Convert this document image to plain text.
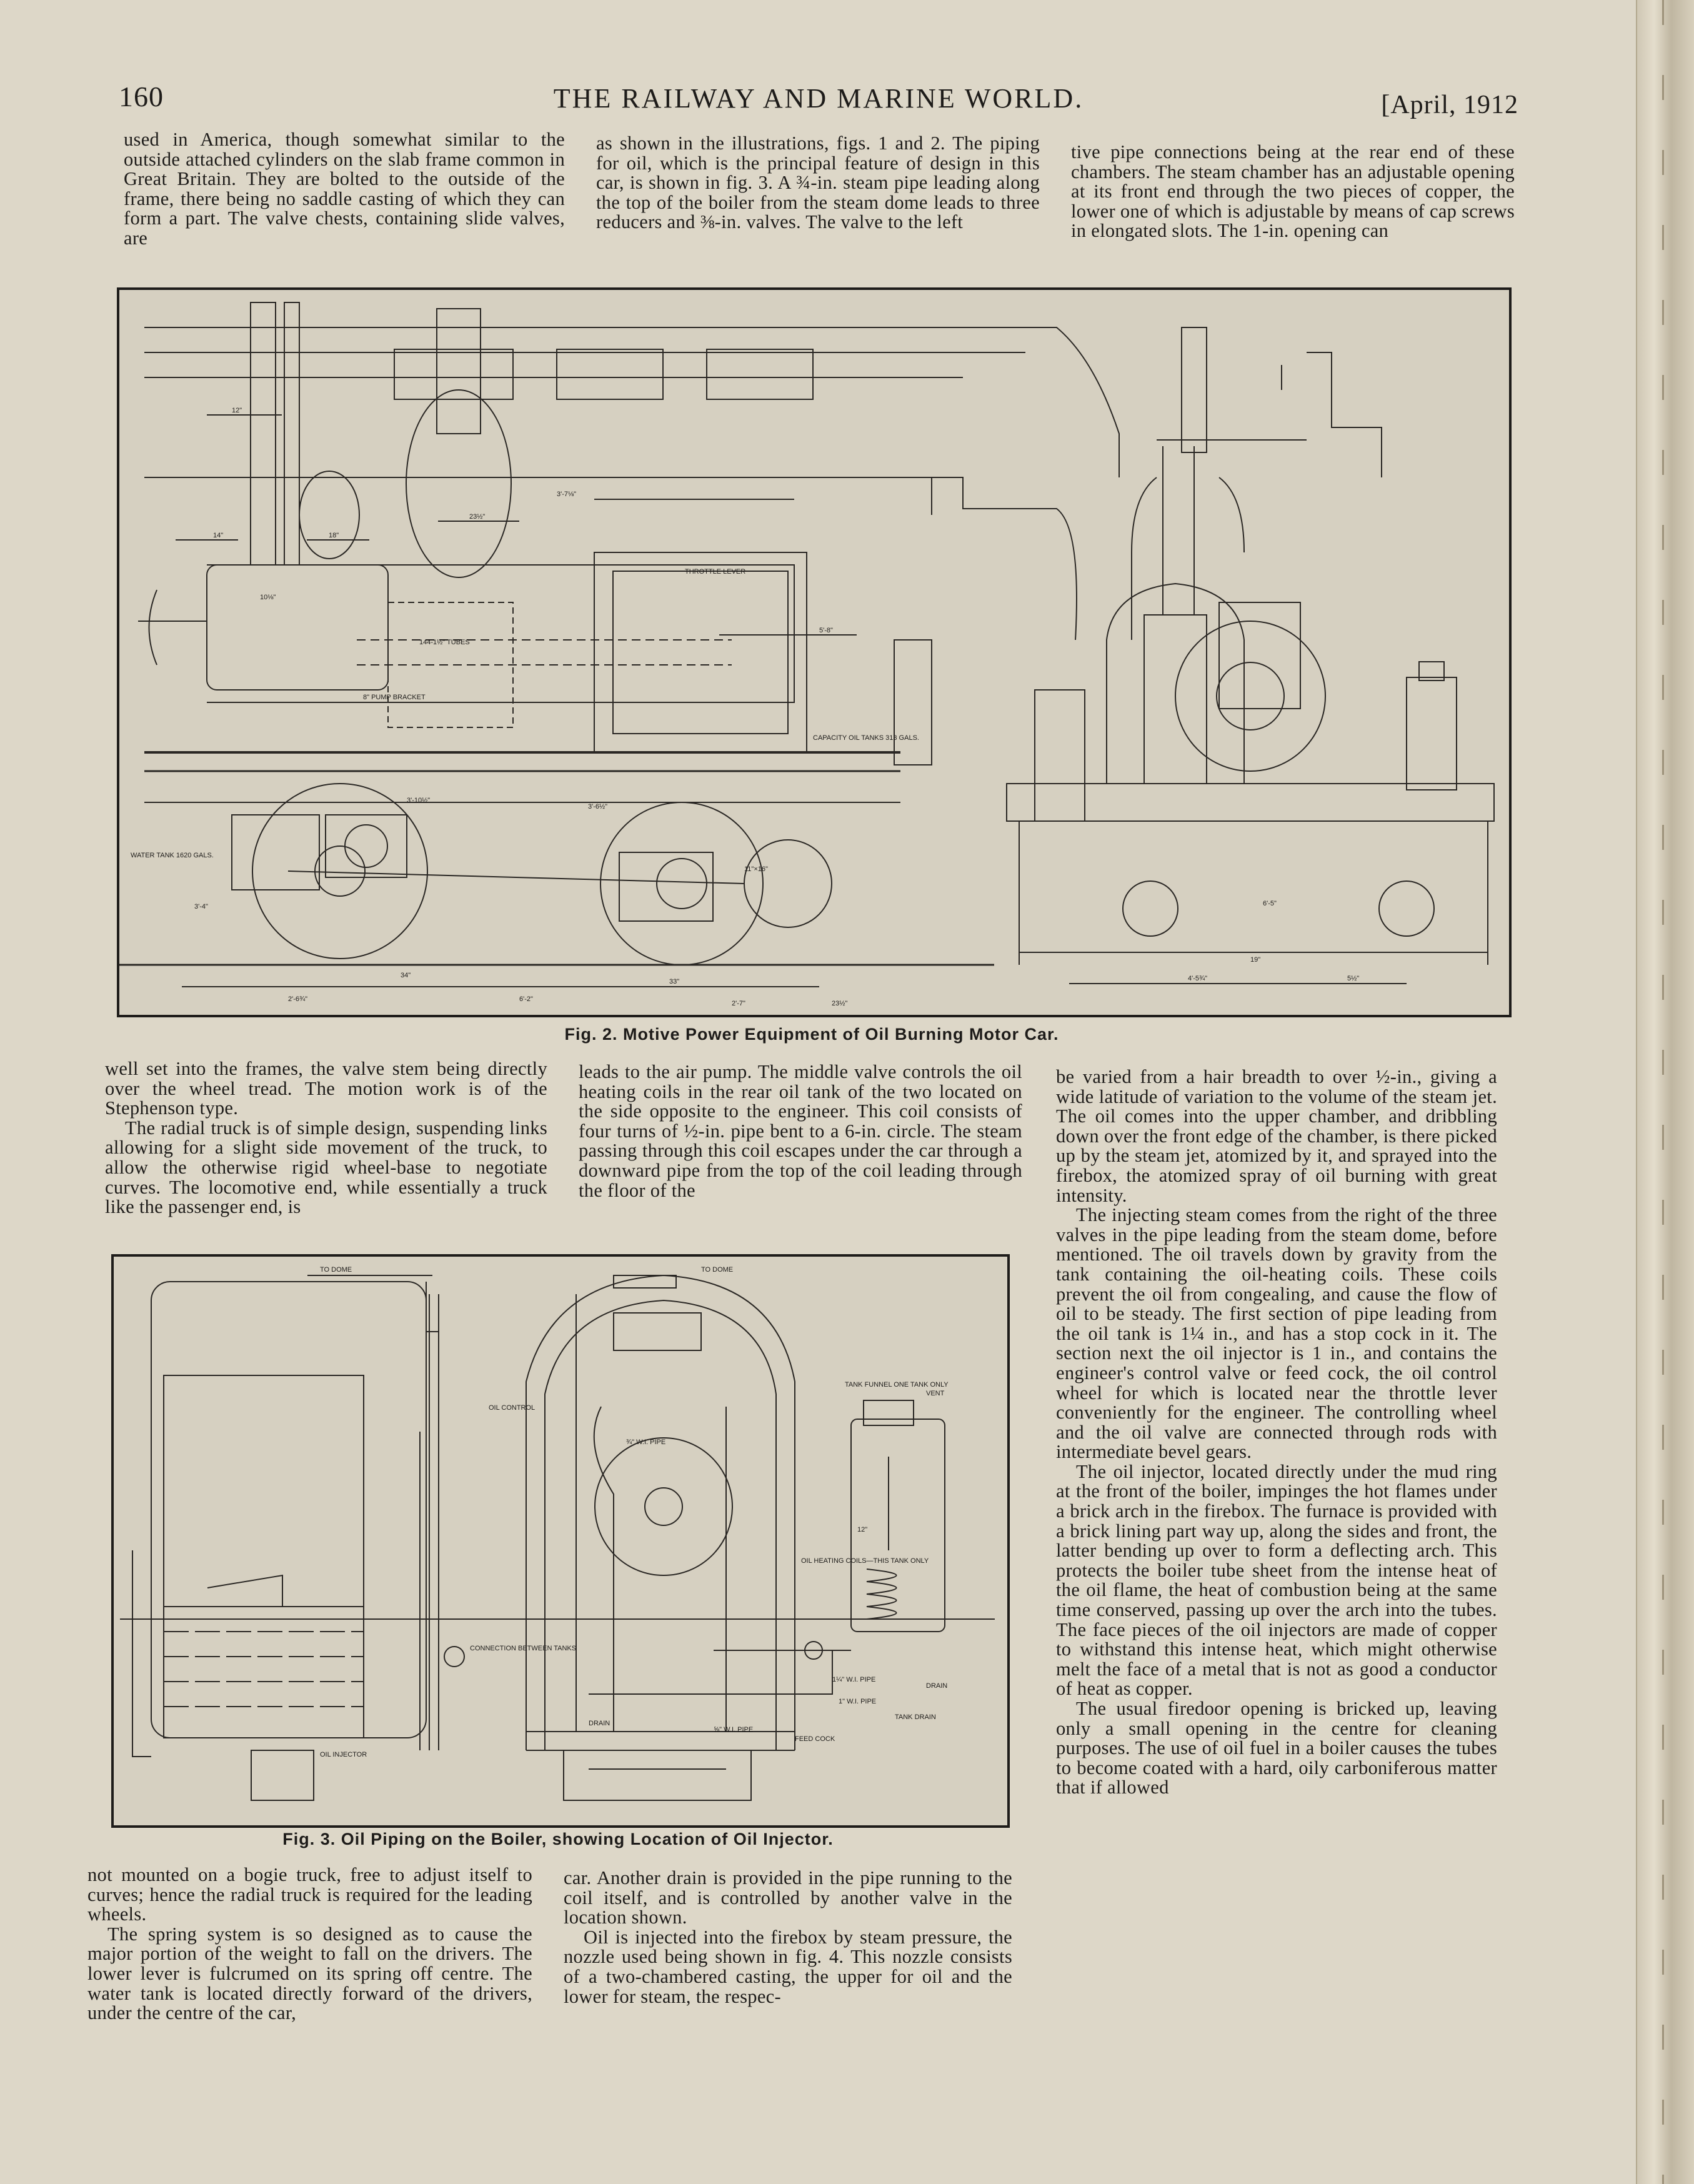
160	THE RAILWAY AND MARINE WORLD.	[April, 1912

used in America, though somewhat similar to the outside attached cylinders on the slab frame common in Great Britain. They are bolted to the outside of the frame, there being no saddle casting of which they can form a part. The valve chests, containing slide valves, are

as shown in the illustrations, figs. 1 and 2. The piping for oil, which is the principal feature of design in this car, is shown in fig. 3. A ¾-in. steam pipe leading along the top of the boiler from the steam dome leads to three reducers and ⅜-in. valves. The valve to the left

tive pipe connections being at the rear end of these chambers. The steam chamber has an adjustable opening at its front end through the two pieces of copper, the lower one of which is adjustable by means of cap screws in elongated slots. The 1-in. opening can

THROTTLE LEVER
144-1½" TUBES
8" PUMP BRACKET
CAPACITY OIL TANKS 313 GALS.
WATER TANK 1620 GALS.
12"
14"	18"
23½"
3'-7⅛"
5'-8"
10⅛"
3'-10½"
3'-6½"
11"×16"
3'-4"
34"
33"
2'-6¾"	6'-2"
2'-7"	23½"
19"
4'-5¾"	5½"
6'-5"
Fig. 2. Motive Power Equipment of Oil Burning Motor Car.

well set into the frames, the valve stem being directly over the wheel tread. The motion work is of the Stephenson type.

The radial truck is of simple design, suspending links allowing for a slight side movement of the truck, to allow the otherwise rigid wheel-base to negotiate curves. The locomotive end, while essentially a truck like the passenger end, is

leads to the air pump. The middle valve controls the oil heating coils in the rear oil tank of the two located on the side opposite to the engineer. This coil consists of four turns of ½-in. pipe bent to a 6-in. circle. The steam passing through this coil escapes under the car through a downward pipe from the top of the coil leading through the floor of the

TO DOME	TO DOME
OIL CONTROL
CONNECTION BETWEEN TANKS
OIL INJECTOR
TANK FUNNEL ONE TANK ONLY
VENT
OIL HEATING COILS—THIS TANK ONLY
¾" W.I. PIPE
1¼" W.I. PIPE
1" W.I. PIPE
DRAIN
DRAIN
TANK DRAIN
FEED COCK
⅝" W.I. PIPE
12"
Fig. 3. Oil Piping on the Boiler, showing Location of Oil Injector.

be varied from a hair breadth to over ½-in., giving a wide latitude of variation to the volume of the steam jet. The oil comes into the upper chamber, and dribbling down over the front edge of the chamber, is there picked up by the steam jet, atomized by it, and sprayed into the firebox, the atomized spray of oil burning with great intensity.

The injecting steam comes from the right of the three valves in the pipe leading from the steam dome, before mentioned. The oil travels down by gravity from the tank containing the oil-heating coils. These coils prevent the oil from congealing, and cause the flow of oil to be steady. The first section of pipe leading from the oil tank is 1¼ in., and has a stop cock in it. The section next the oil injector is 1 in., and contains the engineer's control valve or feed cock, the oil control wheel for which is located near the throttle lever conveniently for the engineer. The controlling wheel and the oil valve are connected through rods with intermediate bevel gears.

The oil injector, located directly under the mud ring at the front of the boiler, impinges the hot flames under a brick arch in the firebox. The furnace is provided with a brick lining part way up, along the sides and front, the latter bending up over to form a deflecting arch. This protects the boiler tube sheet from the intense heat of the oil flame, the heat of combustion being at the same time conserved, passing up over the arch into the tubes. The face pieces of the oil injectors are made of copper to withstand this intense heat, which might otherwise melt the face of a metal that is not as good a conductor of heat as copper.

The usual firedoor opening is bricked up, leaving only a small opening in the centre for cleaning purposes. The use of oil fuel in a boiler causes the tubes to become coated with a hard, oily carboniferous matter that if allowed

not mounted on a bogie truck, free to adjust itself to curves; hence the radial truck is required for the leading wheels.

The spring system is so designed as to cause the major portion of the weight to fall on the drivers. The lower lever is fulcrumed on its spring off centre. The water tank is located directly forward of the drivers, under the centre of the car,

car. Another drain is provided in the pipe running to the coil itself, and is controlled by another valve in the location shown.

Oil is injected into the firebox by steam pressure, the nozzle used being shown in fig. 4. This nozzle consists of a two-chambered casting, the upper for oil and the lower for steam, the respec-
